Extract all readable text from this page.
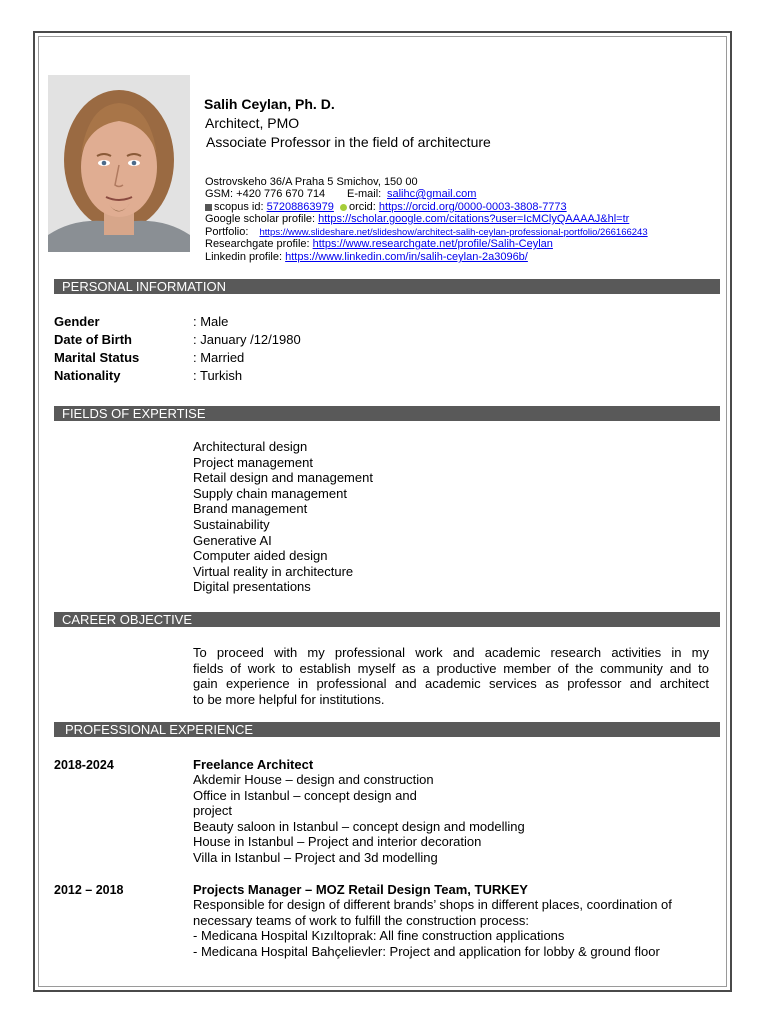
Salih Ceylan, Ph. D.
Architect, PMO
Associate Professor in the field of architecture
Ostrovskeho 36/A Praha 5 Smichov, 150 00
GSM: +420 776 670 714 E-mail: salihc@gmail.com
scopus id: 57208863979 orcid: https://orcid.org/0000-0003-3808-7773
Google scholar profile: https://scholar.google.com/citations?user=IcMClyQAAAAJ&hl=tr
Portfolio: https://www.slideshare.net/slideshow/architect-salih-ceylan-professional-portfolio/266166243
Researchgate profile: https://www.researchgate.net/profile/Salih-Ceylan
Linkedin profile: https://www.linkedin.com/in/salih-ceylan-2a3096b/
PERSONAL INFORMATION
Gender	: Male
Date of Birth	: January /12/1980
Marital Status	: Married
Nationality	: Turkish
FIELDS OF EXPERTISE
Architectural design
Project management
Retail design and management
Supply chain management
Brand management
Sustainability
Generative AI
Computer aided design
Virtual reality in architecture
Digital presentations
CAREER OBJECTIVE
To proceed with my professional work and academic research activities in my
fields of work to establish myself as a productive member of the community and to
gain experience in professional and academic services as professor and architect
to be more helpful for institutions.
PROFESSIONAL EXPERIENCE
2018-2024	Freelance Architect
Akdemir House – design and construction
Office in Istanbul – concept design and
project
Beauty saloon in Istanbul – concept design and modelling
House in Istanbul – Project and interior decoration
Villa in Istanbul – Project and 3d modelling
2012 – 2018	Projects Manager – MOZ Retail Design Team, TURKEY
Responsible for design of different brands’ shops in different places, coordination of
necessary teams of work to fulfill the construction process:
- Medicana Hospital Kızıltoprak: All fine construction applications
- Medicana Hospital Bahçelievler: Project and application for lobby & ground floor
